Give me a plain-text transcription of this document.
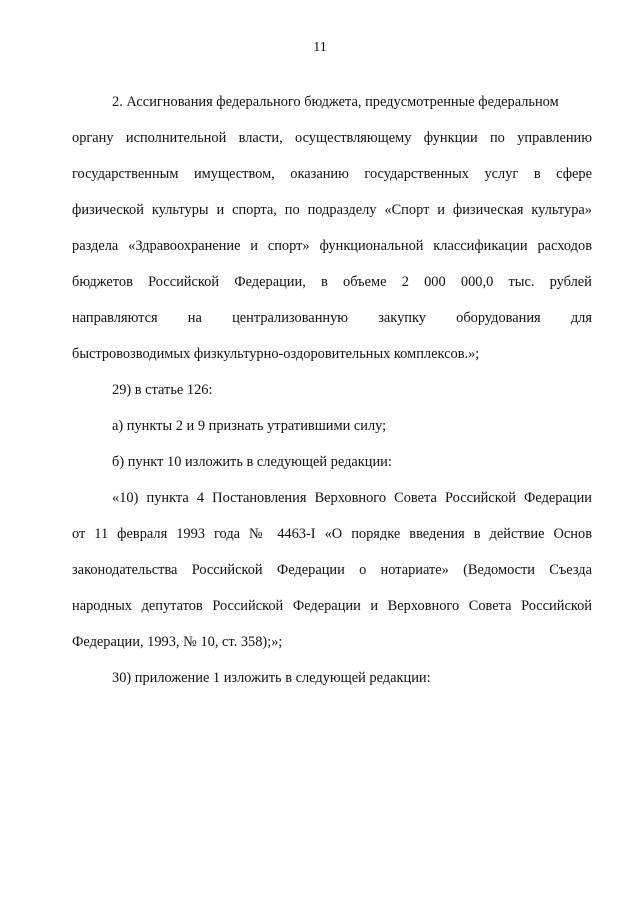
11
2. Ассигнования федерального бюджета, предусмотренные федеральном
органу исполнительной власти, осуществляющему функции по управлению
государственным имуществом, оказанию государственных услуг в сфере
физической культуры и спорта, по подразделу «Спорт и физическая культура»
раздела «Здравоохранение и спорт» функциональной классификации расходов
бюджетов Российской Федерации, в объеме 2 000 000,0 тыс. рублей
направляются на централизованную закупку оборудования для
быстровозводимых физкультурно-оздоровительных комплексов.»;
29) в статье 126:
а) пункты 2 и 9 признать утратившими силу;
б) пункт 10 изложить в следующей редакции:
«10) пункта 4 Постановления Верховного Совета Российской Федерации
от 11 февраля 1993 года № 4463-I «О порядке введения в действие Основ
законодательства Российской Федерации о нотариате» (Ведомости Съезда
народных депутатов Российской Федерации и Верховного Совета Российской
Федерации, 1993, № 10, ст. 358);»;
30) приложение 1 изложить в следующей редакции:
